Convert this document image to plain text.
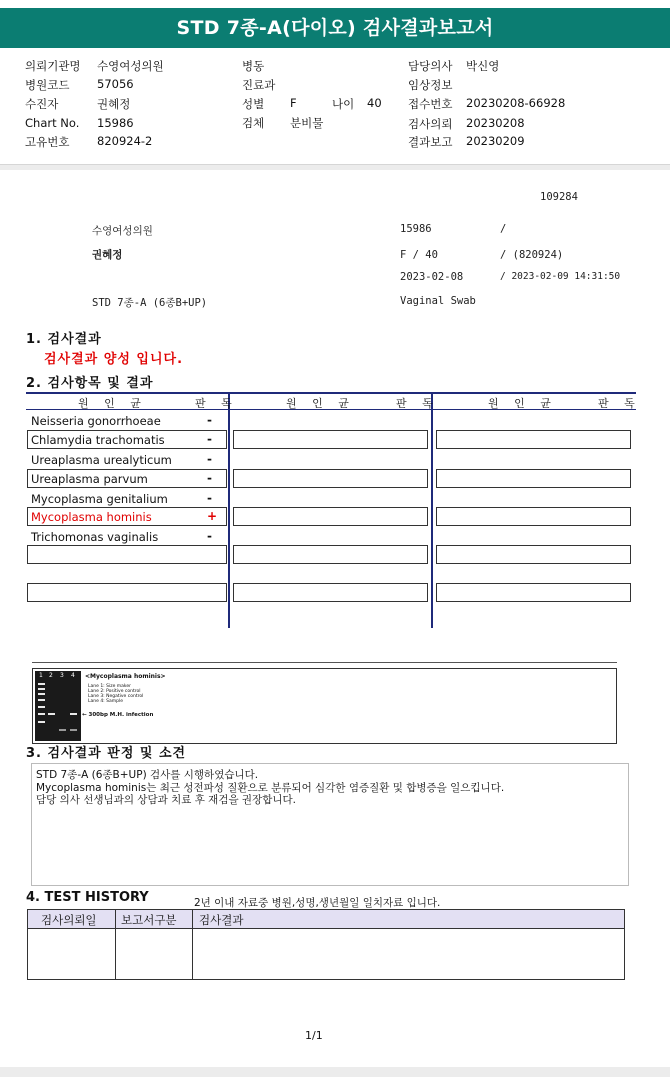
STD 7종-A(다이오) 검사결과보고서
의뢰기관명 수영여성의원
병원코드 57056
수진자	권혜정
Chart No. 15986
고유번호 820924-2
병동
진료과
성별 F	나이 40
검체 분비물
담당의사 박신영
임상정보
접수번호 20230208-66928
검사의뢰 20230208
결과보고 20230209
109284
수영여성의원	15986	/
권혜정	F / 40	/ (820924)
2023-02-08	/ 2023-02-09 14:31:50
STD 7종-A (6종B+UP)	Vaginal Swab
1. 검사결과
검사결과 양성 입니다.
2. 검사항목 및 결과
원 인 균	판 독	원 인 균	판 독	원 인 균	판 독
Neisseria gonorrhoeae	-
Chlamydia trachomatis	-
Ureaplasma urealyticum	-
Ureaplasma parvum	-
Mycoplasma genitalium	-
Mycoplasma hominis	+
Trichomonas vaginalis	-
1 2 3 4 <Mycoplasma hominis>
Lane 1: Size maker
Lane 2: Positive control
Lane 3: Negative control
Lane 4: Sample
← 300bp M.H. infection
3. 검사결과 판정 및 소견
STD 7종-A (6종B+UP) 검사를 시행하였습니다.
Mycoplasma hominis는 최근 성전파성 질환으로 분류되어 심각한 염증질환 및 합병증을 일으킵니다.
담당 의사 선생님과의 상담과 치료 후 재검을 권장합니다.
4. TEST HISTORY	2년 이내 자료중 병원,성명,생년월일 일치자료 입니다.
검사의뢰일 보고서구분 검사결과
1/1
